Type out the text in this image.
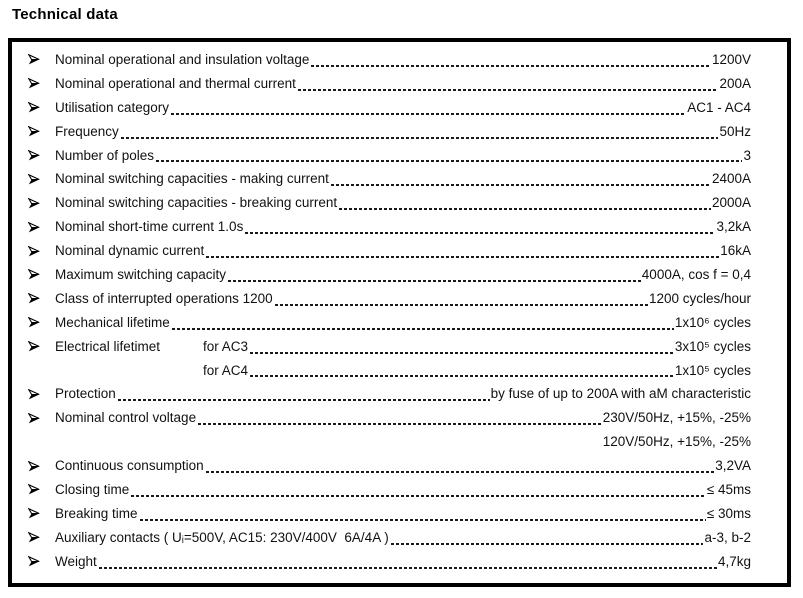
Technical data
Nominal operational and insulation voltage	1200V
Nominal operational and thermal current	200A
Utilisation category	AC1 - AC4
Frequency	50Hz
Number of poles	3
Nominal switching capacities - making current	2400A
Nominal switching capacities - breaking current	2000A
Nominal short-time current 1.0s	3,2kA
Nominal dynamic current	16kA
Maximum switching capacity	4000A, cos f = 0,4
Class of interrupted operations 1200	1200 cycles/hour
Mechanical lifetime	1x10⁶ cycles
Electrical lifetimet	for AC3	3x10⁵ cycles
for AC4	1x10⁵ cycles
Protection	by fuse of up to 200A with aM characteristic
Nominal control voltage	230V/50Hz, +15%, -25%
120V/50Hz, +15%, -25%
Continuous consumption	3,2VA
Closing time	≤ 45ms
Breaking time	≤ 30ms
Auxiliary contacts ( Uᵢ=500V, AC15: 230V/400V  6A/4A )	a-3, b-2
Weight	4,7kg
